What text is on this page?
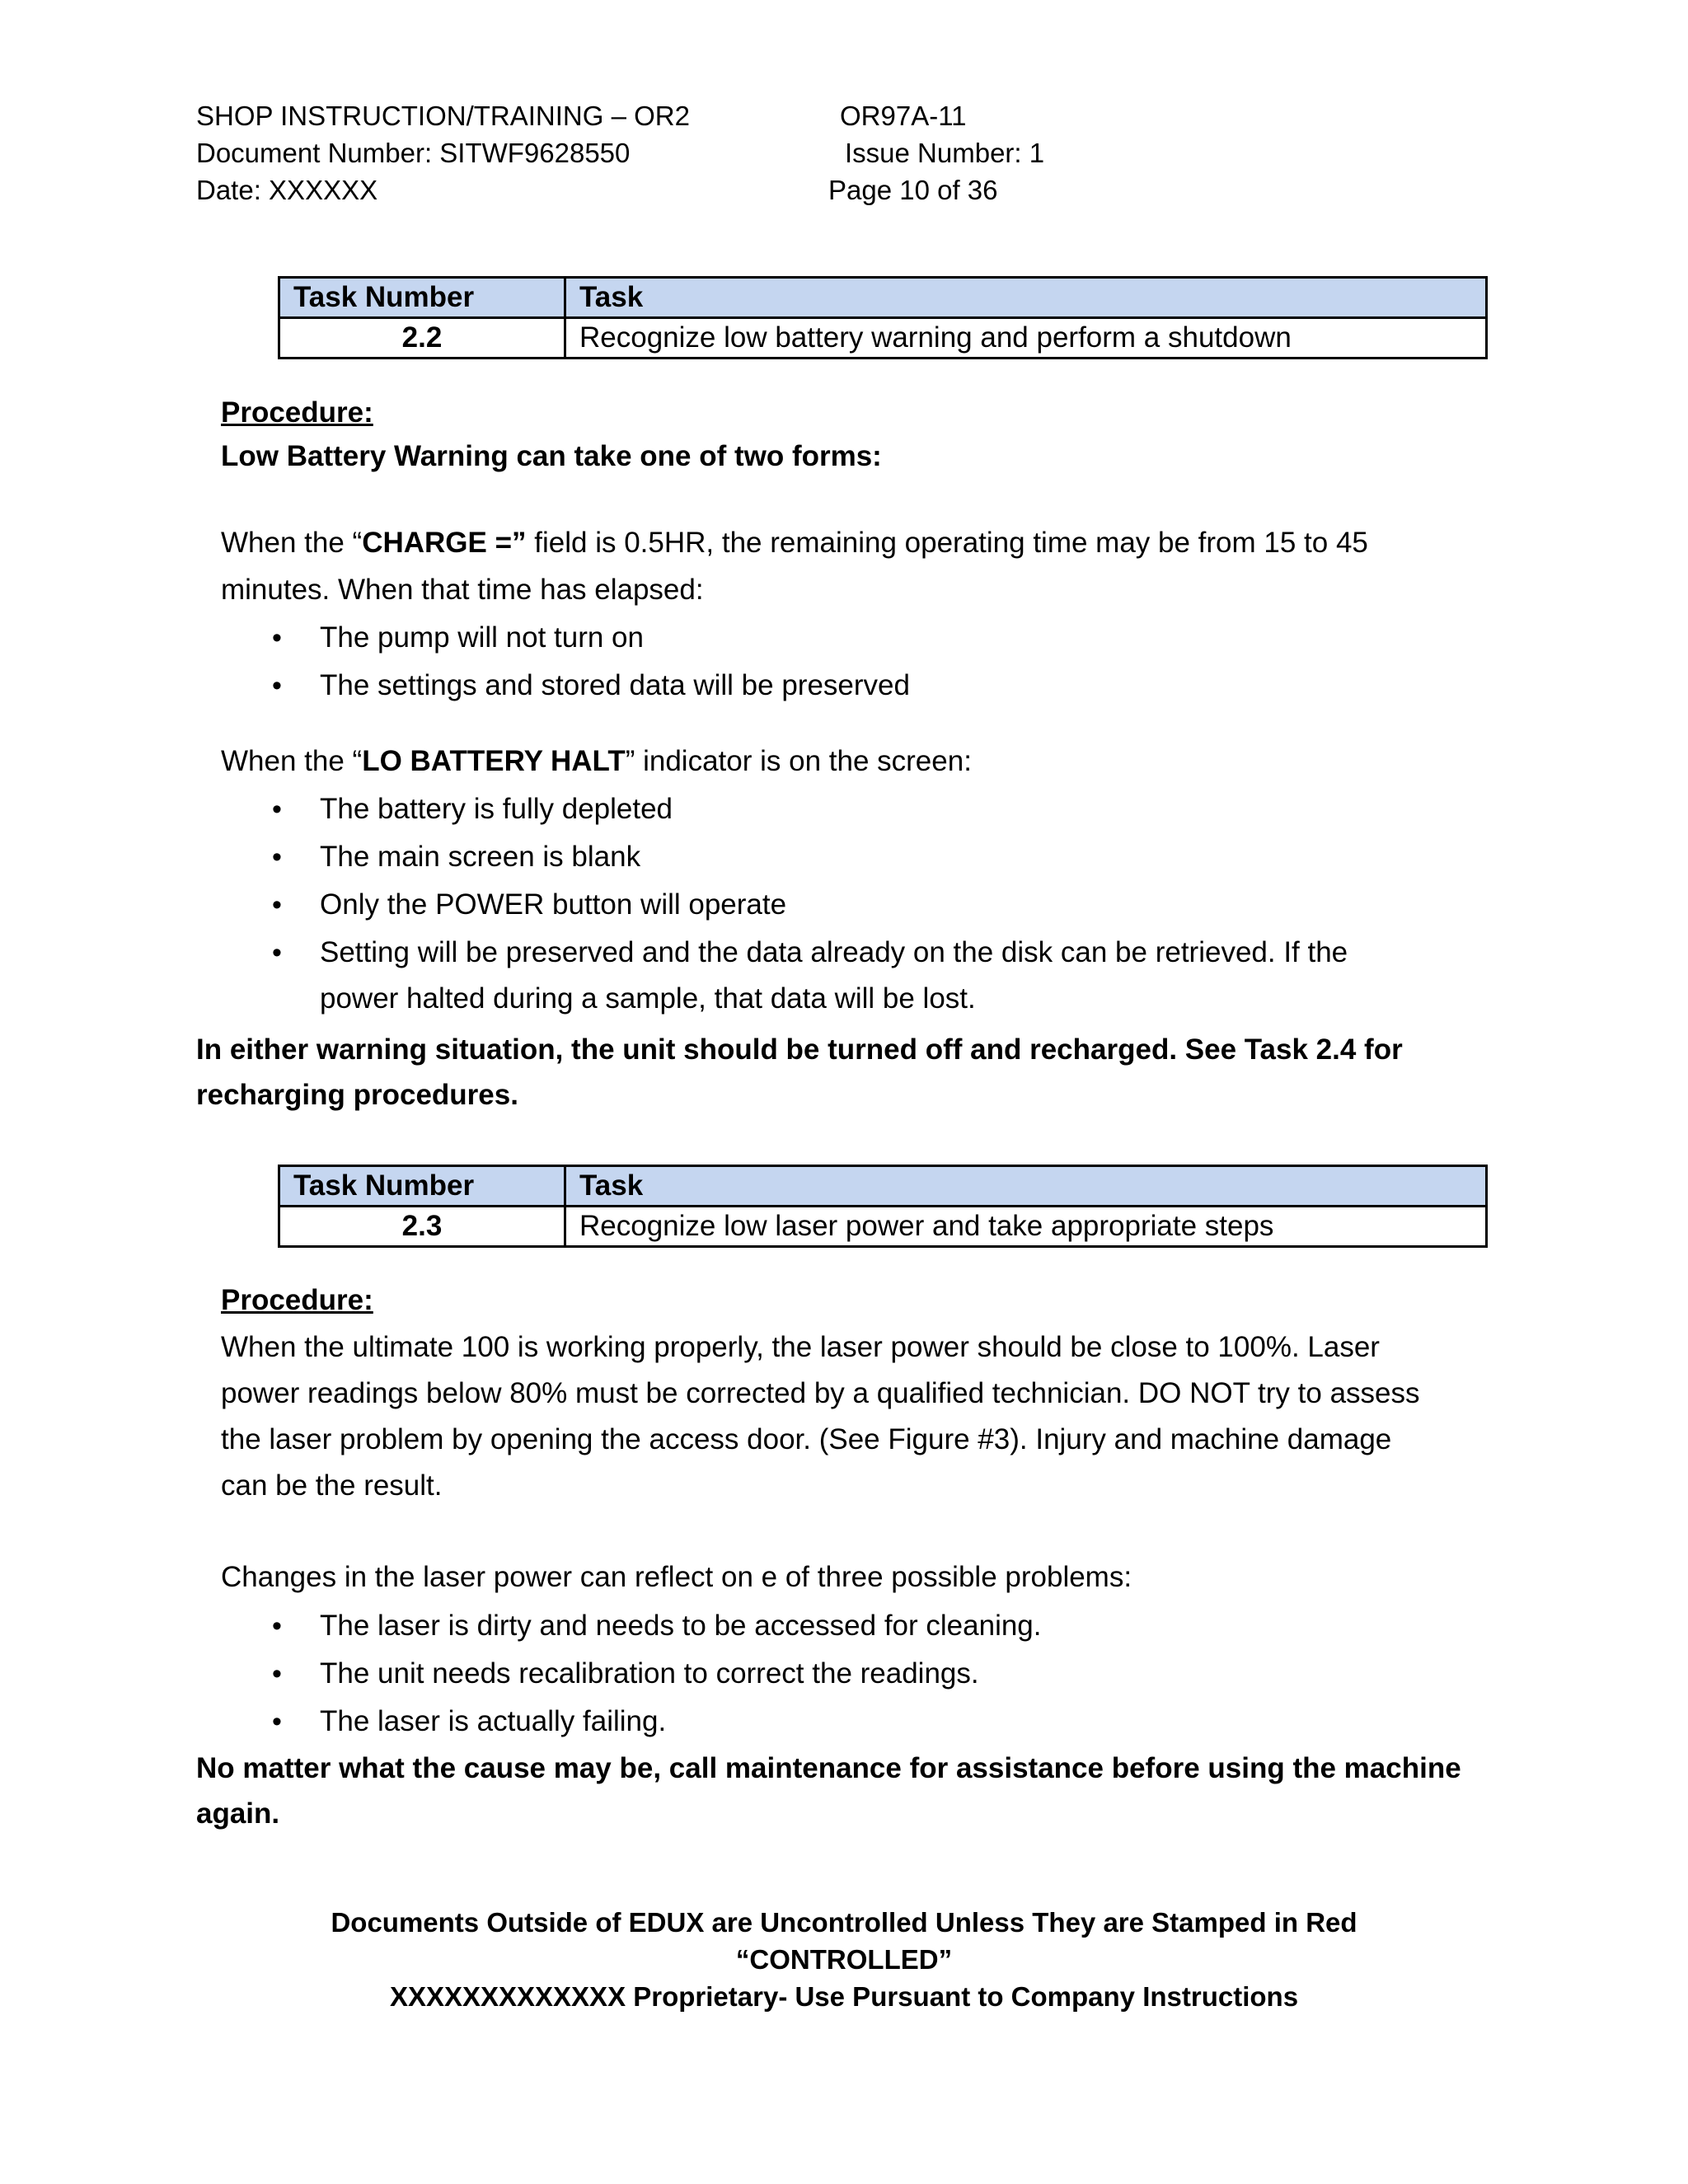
SHOP INSTRUCTION/TRAINING – OR2
Document Number: SITWF9628550
Date: XXXXXX
OR97A-11
Issue Number: 1
Page 10 of 36
Task Number	Task
2.2	Recognize low battery warning and perform a shutdown
Procedure:
Low Battery Warning can take one of two forms:
When the “CHARGE =” field is 0.5HR, the remaining operating time may be from 15 to 45
minutes. When that time has elapsed:
• The pump will not turn on
• The settings and stored data will be preserved
When the “LO BATTERY HALT” indicator is on the screen:
• The battery is fully depleted
• The main screen is blank
• Only the POWER button will operate
• Setting will be preserved and the data already on the disk can be retrieved. If the
power halted during a sample, that data will be lost.
In either warning situation, the unit should be turned off and recharged. See Task 2.4 for
recharging procedures.
Task Number	Task
2.3	Recognize low laser power and take appropriate steps
Procedure:
When the ultimate 100 is working properly, the laser power should be close to 100%. Laser
power readings below 80% must be corrected by a qualified technician. DO NOT try to assess
the laser problem by opening the access door. (See Figure #3). Injury and machine damage
can be the result.
Changes in the laser power can reflect on e of three possible problems:
• The laser is dirty and needs to be accessed for cleaning.
• The unit needs recalibration to correct the readings.
• The laser is actually failing.
No matter what the cause may be, call maintenance for assistance before using the machine
again.
Documents Outside of EDUX are Uncontrolled Unless They are Stamped in Red
“CONTROLLED”
XXXXXXXXXXXXX Proprietary- Use Pursuant to Company Instructions
